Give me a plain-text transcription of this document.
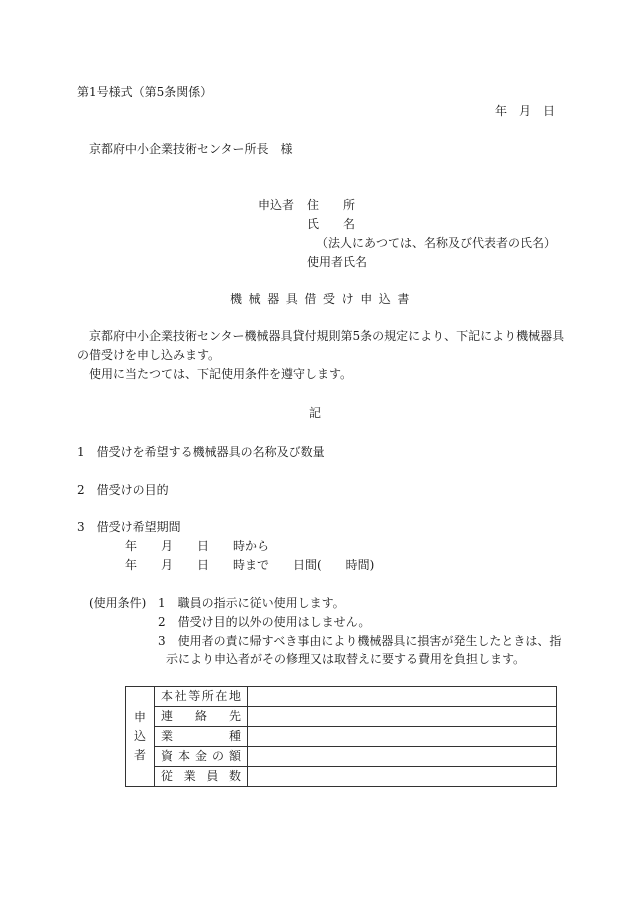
第1号様式（第5条関係）
年　月　日
京都府中小企業技術センター所長　様
申込者 住　　所
氏　　名
（法人にあつては、名称及び代表者の氏名）
使用者氏名
機械器具借受け申込書
京都府中小企業技術センター機械器具貸付規則第5条の規定により、下記により機械器具
の借受けを申し込みます。
使用に当たつては、下記使用条件を遵守します。
記
1　借受けを希望する機械器具の名称及び数量
2　借受けの目的
3　借受け希望期間
年　　月　　日　　時から
年　　月　　日　　時まで　　日間(　　時間)
(使用条件) 1　職員の指示に従い使用します。
2　借受け目的以外の使用はしません。
3　使用者の責に帰すべき事由により機械器具に損害が発生したときは、指
示により申込者がその修理又は取替えに要する費用を負担します。
申
込
者	本社等所在地	
	連絡先	
	業種	
	資本金の額	
	従業員数	
